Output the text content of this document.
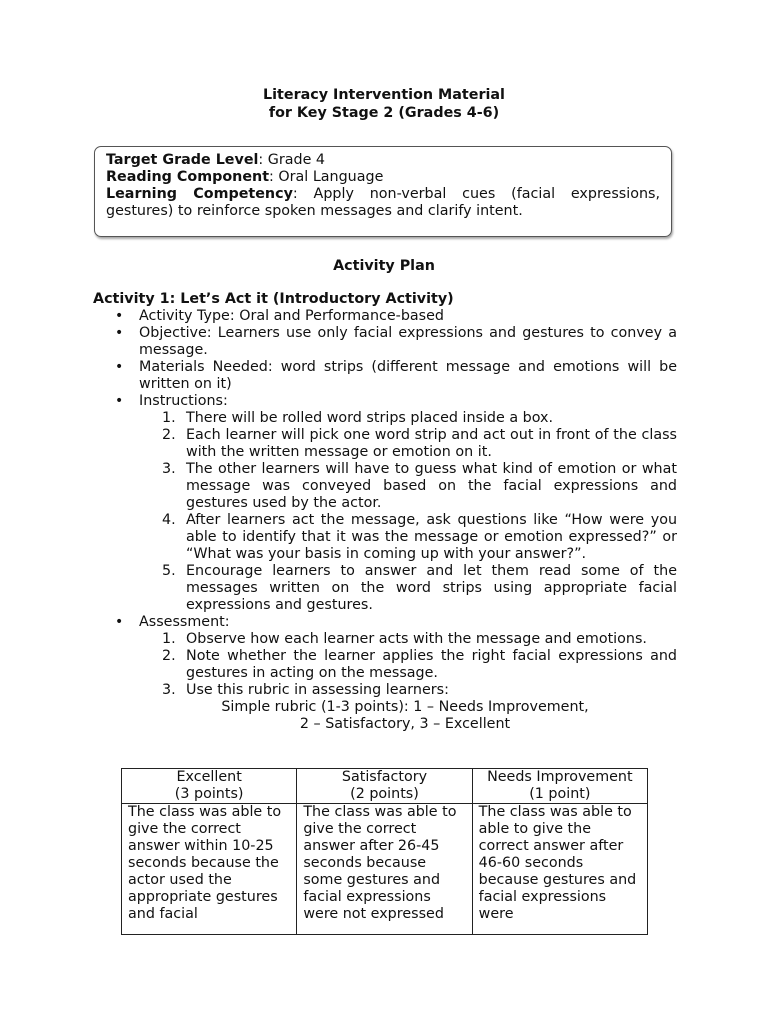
Literacy Intervention Material
for Key Stage 2 (Grades 4-6)

Target Grade Level: Grade 4

Reading Component: Oral Language

Learning Competency: Apply non-verbal cues (facial expressions, gestures) to reinforce spoken messages and clarify intent.

Activity Plan

Activity 1: Let’s Act it (Introductory Activity)

• Activity Type: Oral and Performance-based
• Objective: Learners use only facial expressions and gestures to convey a message.
• Materials Needed: word strips (different message and emotions will be written on it)
• Instructions:
1. There will be rolled word strips placed inside a box.
2. Each learner will pick one word strip and act out in front of the class with the written message or emotion on it.
3. The other learners will have to guess what kind of emotion or what message was conveyed based on the facial expressions and gestures used by the actor.
4. After learners act the message, ask questions like “How were you able to identify that it was the message or emotion expressed?” or “What was your basis in coming up with your answer?”.
5. Encourage learners to answer and let them read some of the messages written on the word strips using appropriate facial expressions and gestures.
• Assessment:
1. Observe how each learner acts with the message and emotions.
2. Note whether the learner applies the right facial expressions and gestures in acting on the message.
3. Use this rubric in assessing learners:
Simple rubric (1-3 points): 1 – Needs Improvement,
2 – Satisfactory, 3 – Excellent
Excellent
(3 points)	Satisfactory
(2 points)	Needs Improvement
(1 point)

The class was able to give the correct answer within 10-25 seconds because the actor used the appropriate gestures and facial	The class was able to give the correct answer after 26-45 seconds because some gestures and facial expressions were not expressed	The class was able to able to give the correct answer after 46-60 seconds because gestures and facial expressions were
